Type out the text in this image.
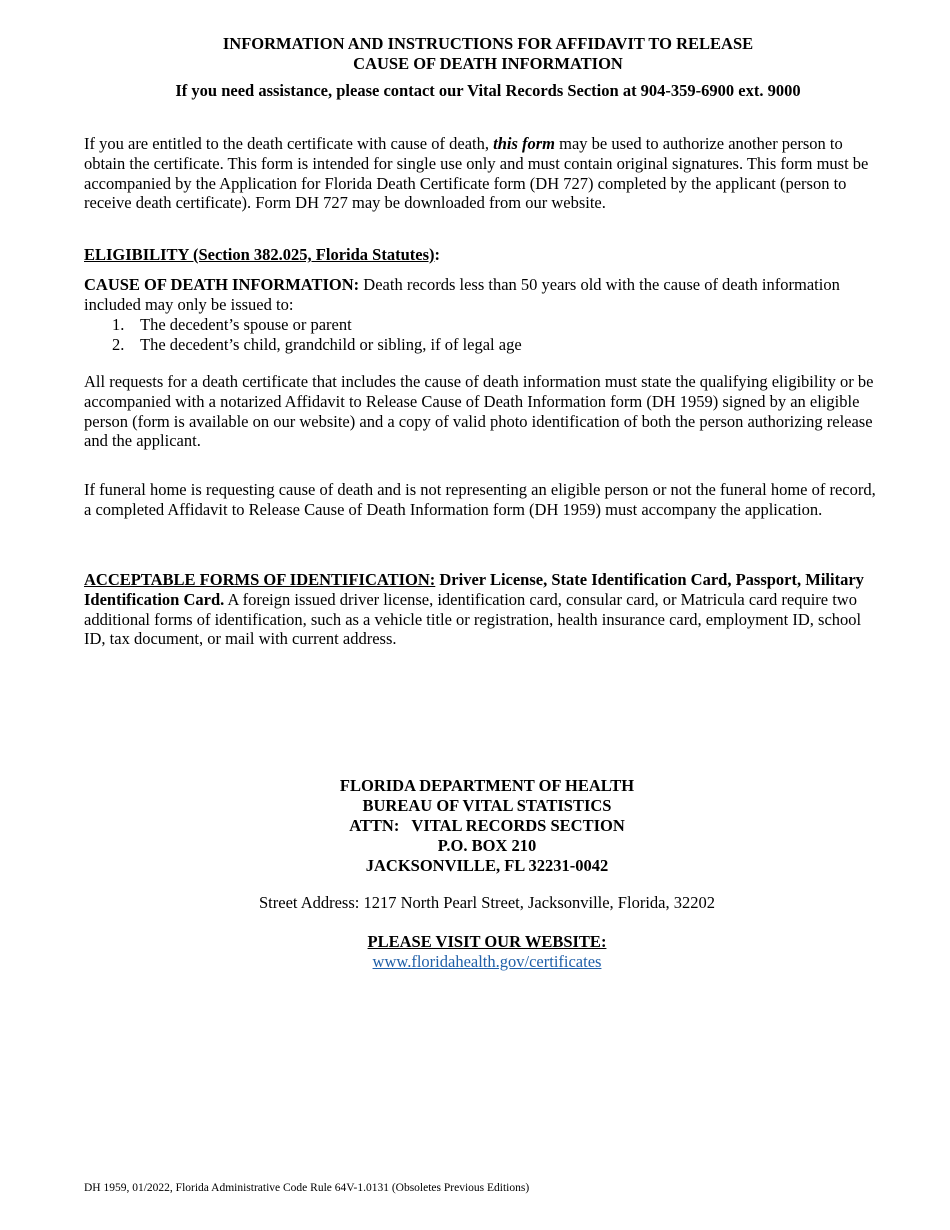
INFORMATION AND INSTRUCTIONS FOR AFFIDAVIT TO RELEASE
CAUSE OF DEATH INFORMATION
If you need assistance, please contact our Vital Records Section at 904-359-6900 ext. 9000

If you are entitled to the death certificate with cause of death, this form may be used to authorize another person to obtain the certificate. This form is intended for single use only and must contain original signatures. This form must be accompanied by the Application for Florida Death Certificate form (DH 727) completed by the applicant (person to receive death certificate). Form DH 727 may be downloaded from our website.

ELIGIBILITY (Section 382.025, Florida Statutes):

CAUSE OF DEATH INFORMATION: Death records less than 50 years old with the cause of death information included may only be issued to:

1. The decedent’s spouse or parent
2. The decedent’s child, grandchild or sibling, if of legal age

All requests for a death certificate that includes the cause of death information must state the qualifying eligibility or be accompanied with a notarized Affidavit to Release Cause of Death Information form (DH 1959) signed by an eligible person (form is available on our website) and a copy of valid photo identification of both the person authorizing release and the applicant.

If funeral home is requesting cause of death and is not representing an eligible person or not the funeral home of record, a completed Affidavit to Release Cause of Death Information form (DH 1959) must accompany the application.

ACCEPTABLE FORMS OF IDENTIFICATION: Driver License, State Identification Card, Passport, Military Identification Card. A foreign issued driver license, identification card, consular card, or Matricula card require two additional forms of identification, such as a vehicle title or registration, health insurance card, employment ID, school ID, tax document, or mail with current address.

FLORIDA DEPARTMENT OF HEALTH
BUREAU OF VITAL STATISTICS
ATTN:   VITAL RECORDS SECTION
P.O. BOX 210
JACKSONVILLE, FL 32231-0042
Street Address: 1217 North Pearl Street, Jacksonville, Florida, 32202
PLEASE VISIT OUR WEBSITE:
www.floridahealth.gov/certificates
DH 1959, 01/2022, Florida Administrative Code Rule 64V-1.0131 (Obsoletes Previous Editions)
